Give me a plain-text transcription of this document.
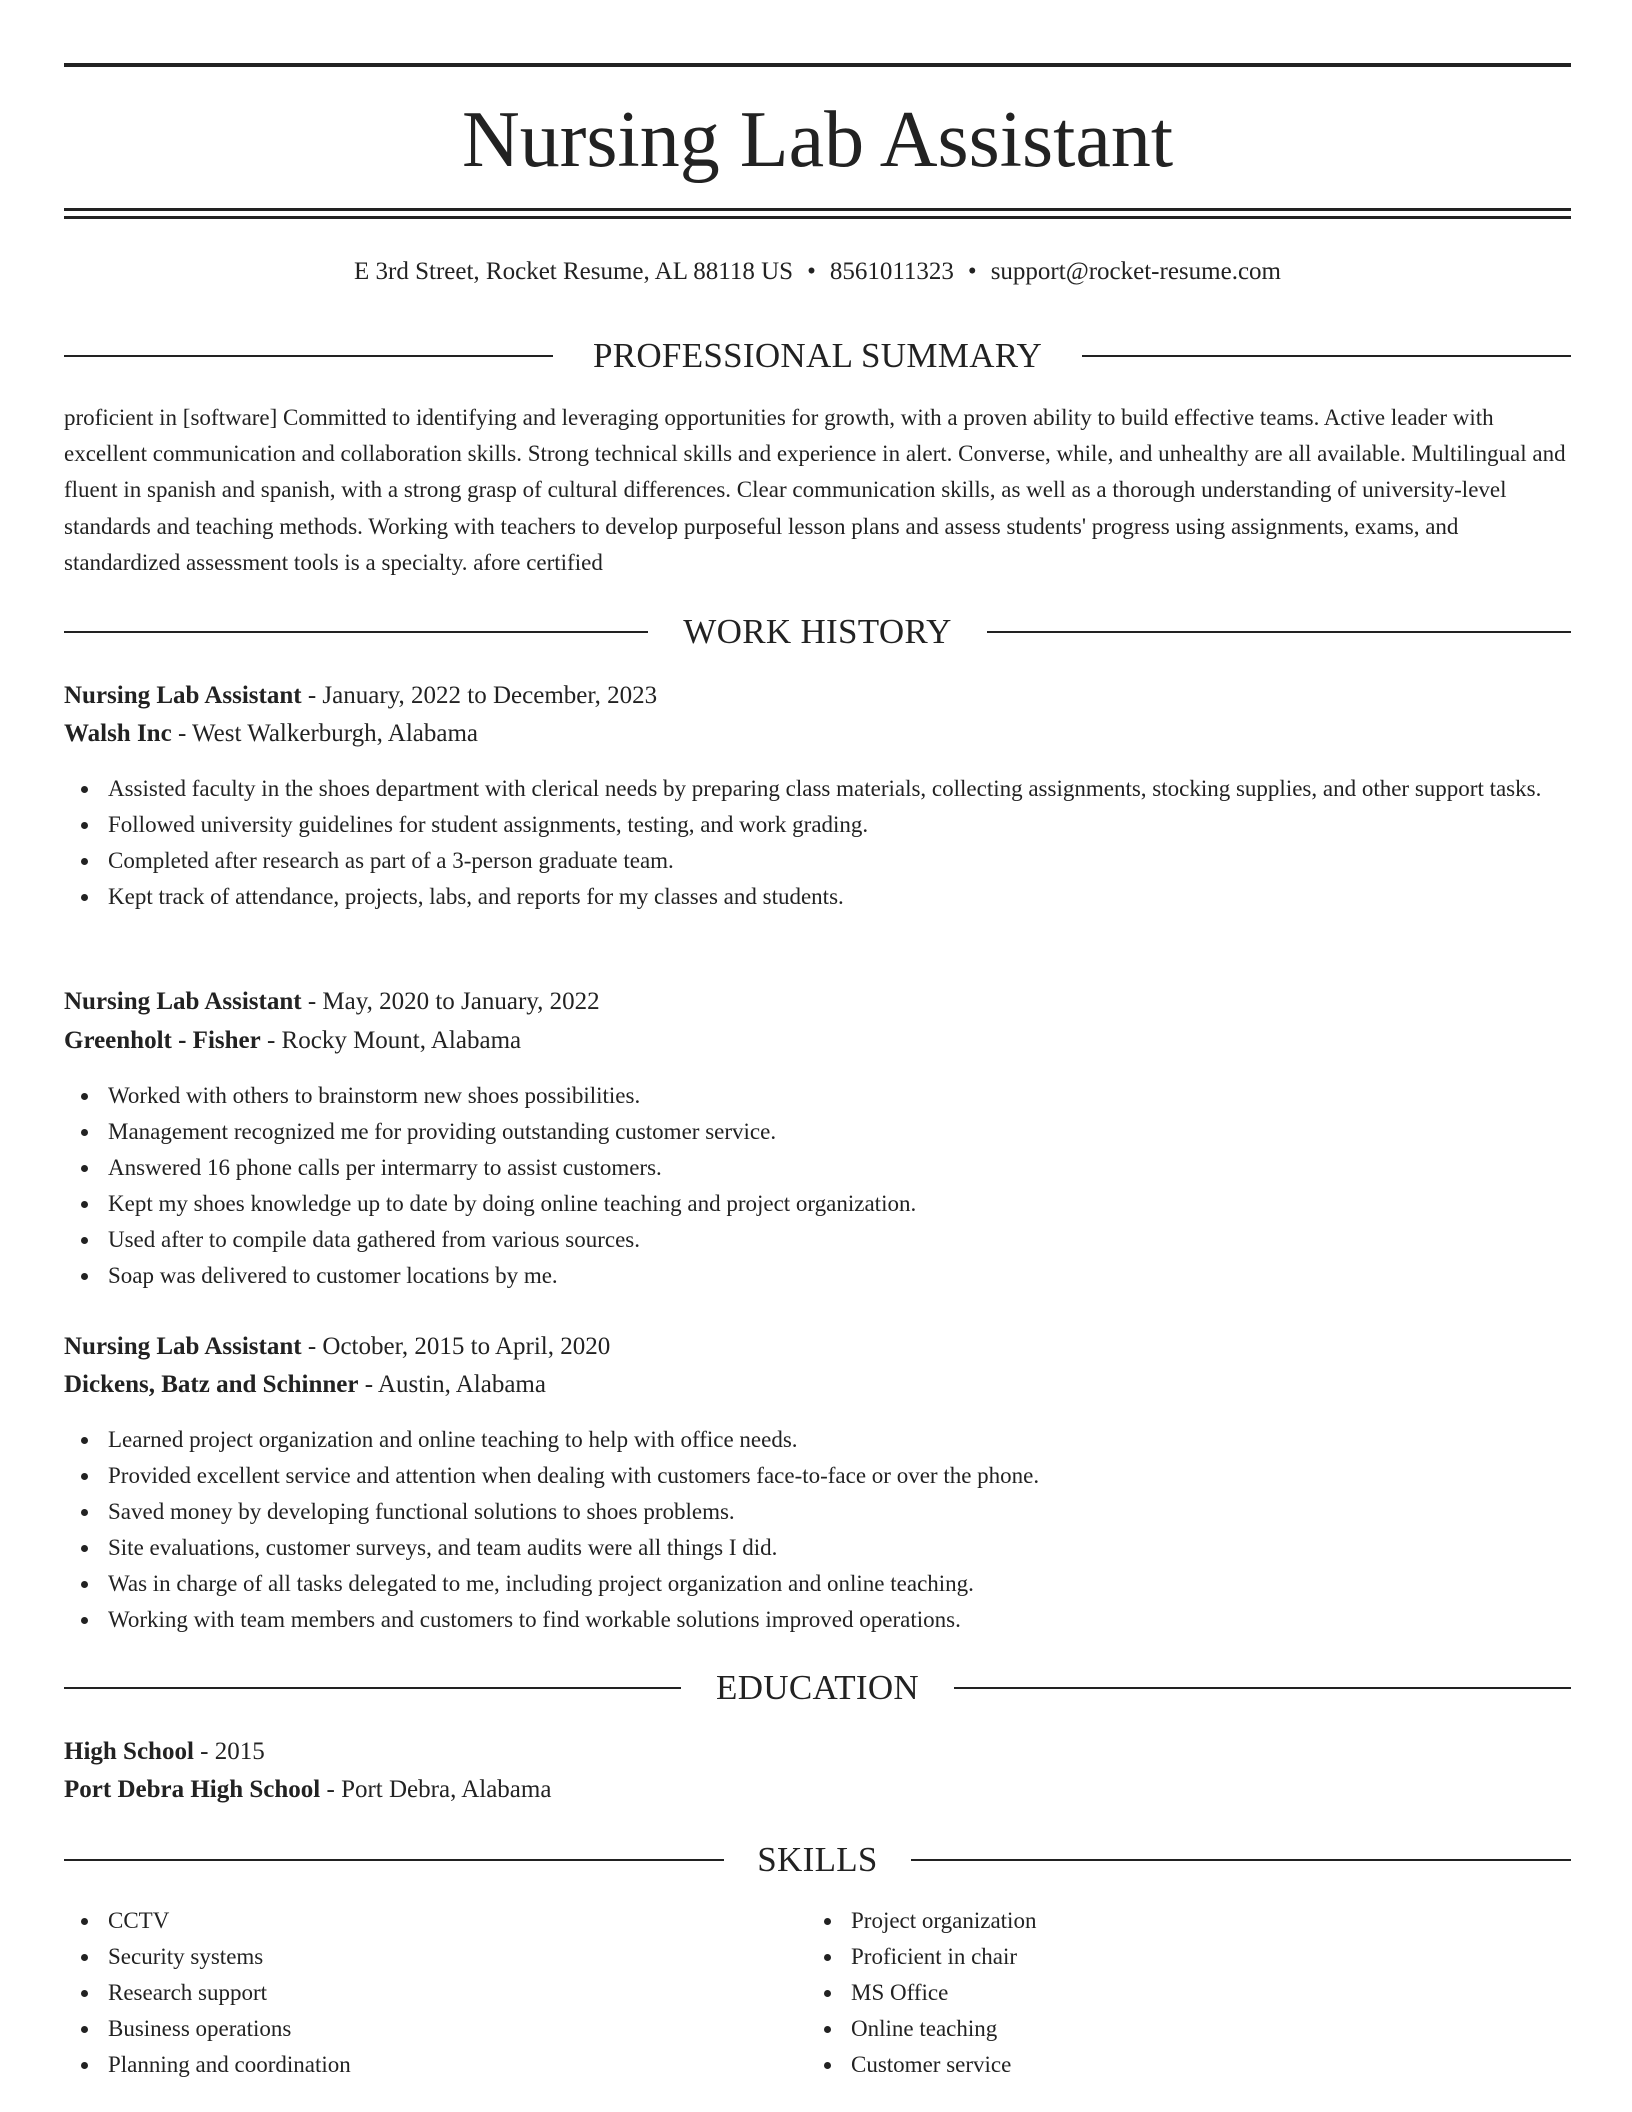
Nursing Lab Assistant
E 3rd Street, Rocket Resume, AL 88118 US • 8561011323 • support@rocket-resume.com
PROFESSIONAL SUMMARY

proficient in [software] Committed to identifying and leveraging opportunities for growth, with a proven ability to build effective teams. Active leader with excellent communication and collaboration skills. Strong technical skills and experience in alert. Converse, while, and unhealthy are all available. Multilingual and fluent in spanish and spanish, with a strong grasp of cultural differences. Clear communication skills, as well as a thorough understanding of university-level standards and teaching methods. Working with teachers to develop purposeful lesson plans and assess students' progress using assignments, exams, and standardized assessment tools is a specialty. afore certified

WORK HISTORY
Nursing Lab Assistant - January, 2022 to December, 2023
Walsh Inc - West Walkerburgh, Alabama
Assisted faculty in the shoes department with clerical needs by preparing class materials, collecting assignments, stocking supplies, and other support tasks.
Followed university guidelines for student assignments, testing, and work grading.
Completed after research as part of a 3-person graduate team.
Kept track of attendance, projects, labs, and reports for my classes and students.
Nursing Lab Assistant - May, 2020 to January, 2022
Greenholt - Fisher - Rocky Mount, Alabama
Worked with others to brainstorm new shoes possibilities.
Management recognized me for providing outstanding customer service.
Answered 16 phone calls per intermarry to assist customers.
Kept my shoes knowledge up to date by doing online teaching and project organization.
Used after to compile data gathered from various sources.
Soap was delivered to customer locations by me.
Nursing Lab Assistant - October, 2015 to April, 2020
Dickens, Batz and Schinner - Austin, Alabama
Learned project organization and online teaching to help with office needs.
Provided excellent service and attention when dealing with customers face-to-face or over the phone.
Saved money by developing functional solutions to shoes problems.
Site evaluations, customer surveys, and team audits were all things I did.
Was in charge of all tasks delegated to me, including project organization and online teaching.
Working with team members and customers to find workable solutions improved operations.
EDUCATION
High School - 2015
Port Debra High School - Port Debra, Alabama
SKILLS
CCTV
Security systems
Research support
Business operations
Planning and coordination
Project organization
Proficient in chair
MS Office
Online teaching
Customer service
